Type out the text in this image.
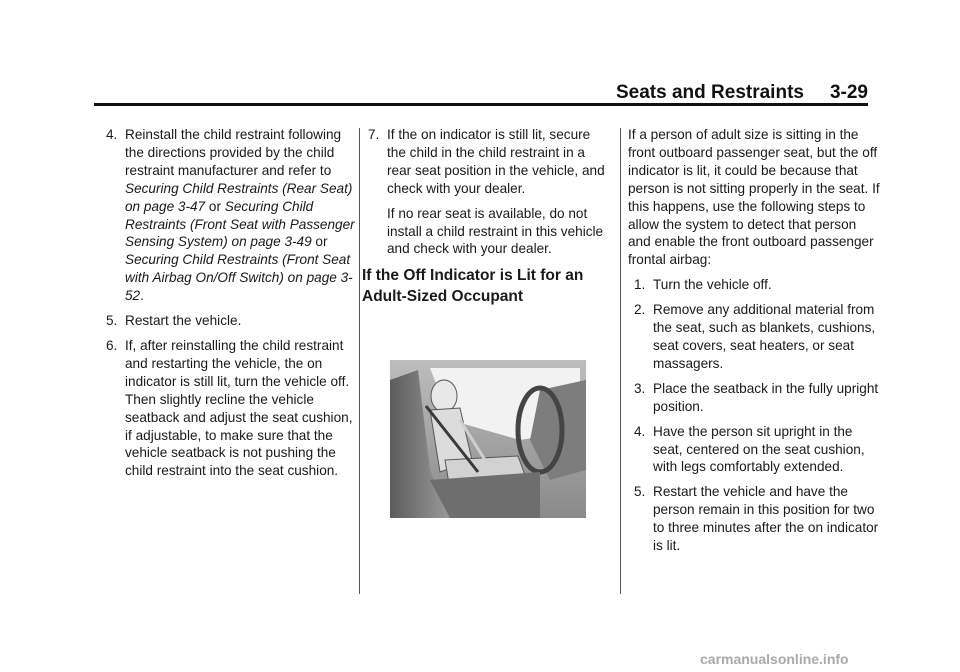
Seats and Restraints 3-29
4. Reinstall the child restraint following the directions provided by the child restraint manufacturer and refer to Securing Child Restraints (Rear Seat) on page 3-47 or Securing Child Restraints (Front Seat with Passenger Sensing System) on page 3-49 or Securing Child Restraints (Front Seat with Airbag On/Off Switch) on page 3-52.
5. Restart the vehicle.
6. If, after reinstalling the child restraint and restarting the vehicle, the on indicator is still lit, turn the vehicle off. Then slightly recline the vehicle seatback and adjust the seat cushion, if adjustable, to make sure that the vehicle seatback is not pushing the child restraint into the seat cushion.
7. If the on indicator is still lit, secure the child in the child restraint in a rear seat position in the vehicle, and check with your dealer.
If no rear seat is available, do not install a child restraint in this vehicle and check with your dealer.
If the Off Indicator is Lit for an Adult-Sized Occupant

If a person of adult size is sitting in the front outboard passenger seat, but the off indicator is lit, it could be because that person is not sitting properly in the seat. If this happens, use the following steps to allow the system to detect that person and enable the front outboard passenger frontal airbag:

1. Turn the vehicle off.
2. Remove any additional material from the seat, such as blankets, cushions, seat covers, seat heaters, or seat massagers.
3. Place the seatback in the fully upright position.
4. Have the person sit upright in the seat, centered on the seat cushion, with legs comfortably extended.
5. Restart the vehicle and have the person remain in this position for two to three minutes after the on indicator is lit.
carmanualsonline.info
